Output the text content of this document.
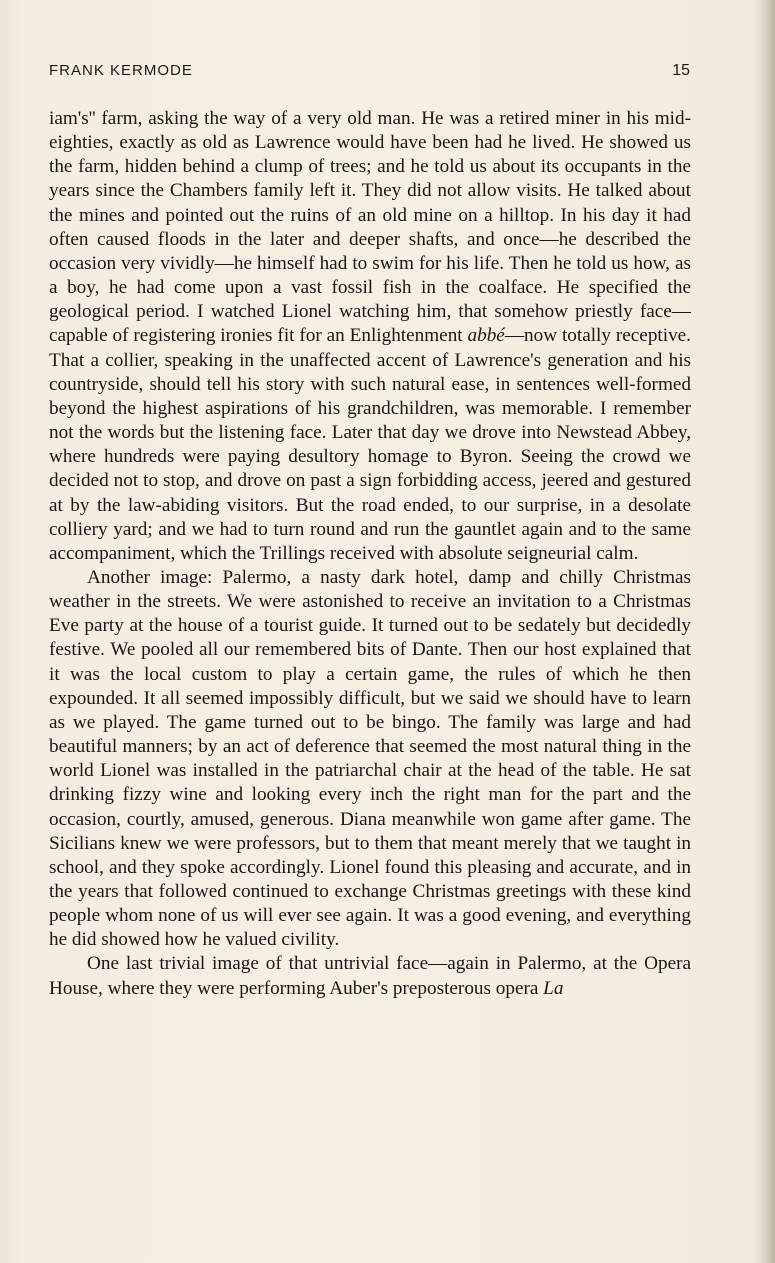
FRANK KERMODE	15

iam's'' farm, asking the way of a very old man. He was a retired miner in his mid-eighties, exactly as old as Lawrence would have been had he lived. He showed us the farm, hidden behind a clump of trees; and he told us about its occupants in the years since the Chambers family left it. They did not allow visits. He talked about the mines and pointed out the ruins of an old mine on a hilltop. In his day it had often caused floods in the later and deeper shafts, and once—he described the occasion very vividly—he himself had to swim for his life. Then he told us how, as a boy, he had come upon a vast fossil fish in the coalface. He specified the geological period. I watched Lionel watching him, that somehow priestly face—capable of registering ironies fit for an Enlightenment abbé—now totally receptive. That a collier, speaking in the unaffected accent of Lawrence's generation and his countryside, should tell his story with such natural ease, in sentences well-formed beyond the highest aspirations of his grandchildren, was memorable. I remember not the words but the listening face. Later that day we drove into Newstead Abbey, where hundreds were paying desultory homage to Byron. Seeing the crowd we decided not to stop, and drove on past a sign forbidding access, jeered and gestured at by the law-abiding visitors. But the road ended, to our surprise, in a desolate colliery yard; and we had to turn round and run the gauntlet again and to the same accompaniment, which the Trillings received with absolute seigneurial calm.

Another image: Palermo, a nasty dark hotel, damp and chilly Christmas weather in the streets. We were astonished to receive an invitation to a Christmas Eve party at the house of a tourist guide. It turned out to be sedately but decidedly festive. We pooled all our remembered bits of Dante. Then our host explained that it was the local custom to play a certain game, the rules of which he then expounded. It all seemed impossibly difficult, but we said we should have to learn as we played. The game turned out to be bingo. The family was large and had beautiful manners; by an act of deference that seemed the most natural thing in the world Lionel was installed in the patriarchal chair at the head of the table. He sat drinking fizzy wine and looking every inch the right man for the part and the occasion, courtly, amused, generous. Diana meanwhile won game after game. The Sicilians knew we were professors, but to them that meant merely that we taught in school, and they spoke accordingly. Lionel found this pleasing and accurate, and in the years that followed continued to exchange Christmas greetings with these kind people whom none of us will ever see again. It was a good evening, and everything he did showed how he valued civility.

One last trivial image of that untrivial face—again in Palermo, at the Opera House, where they were performing Auber's preposterous opera La
